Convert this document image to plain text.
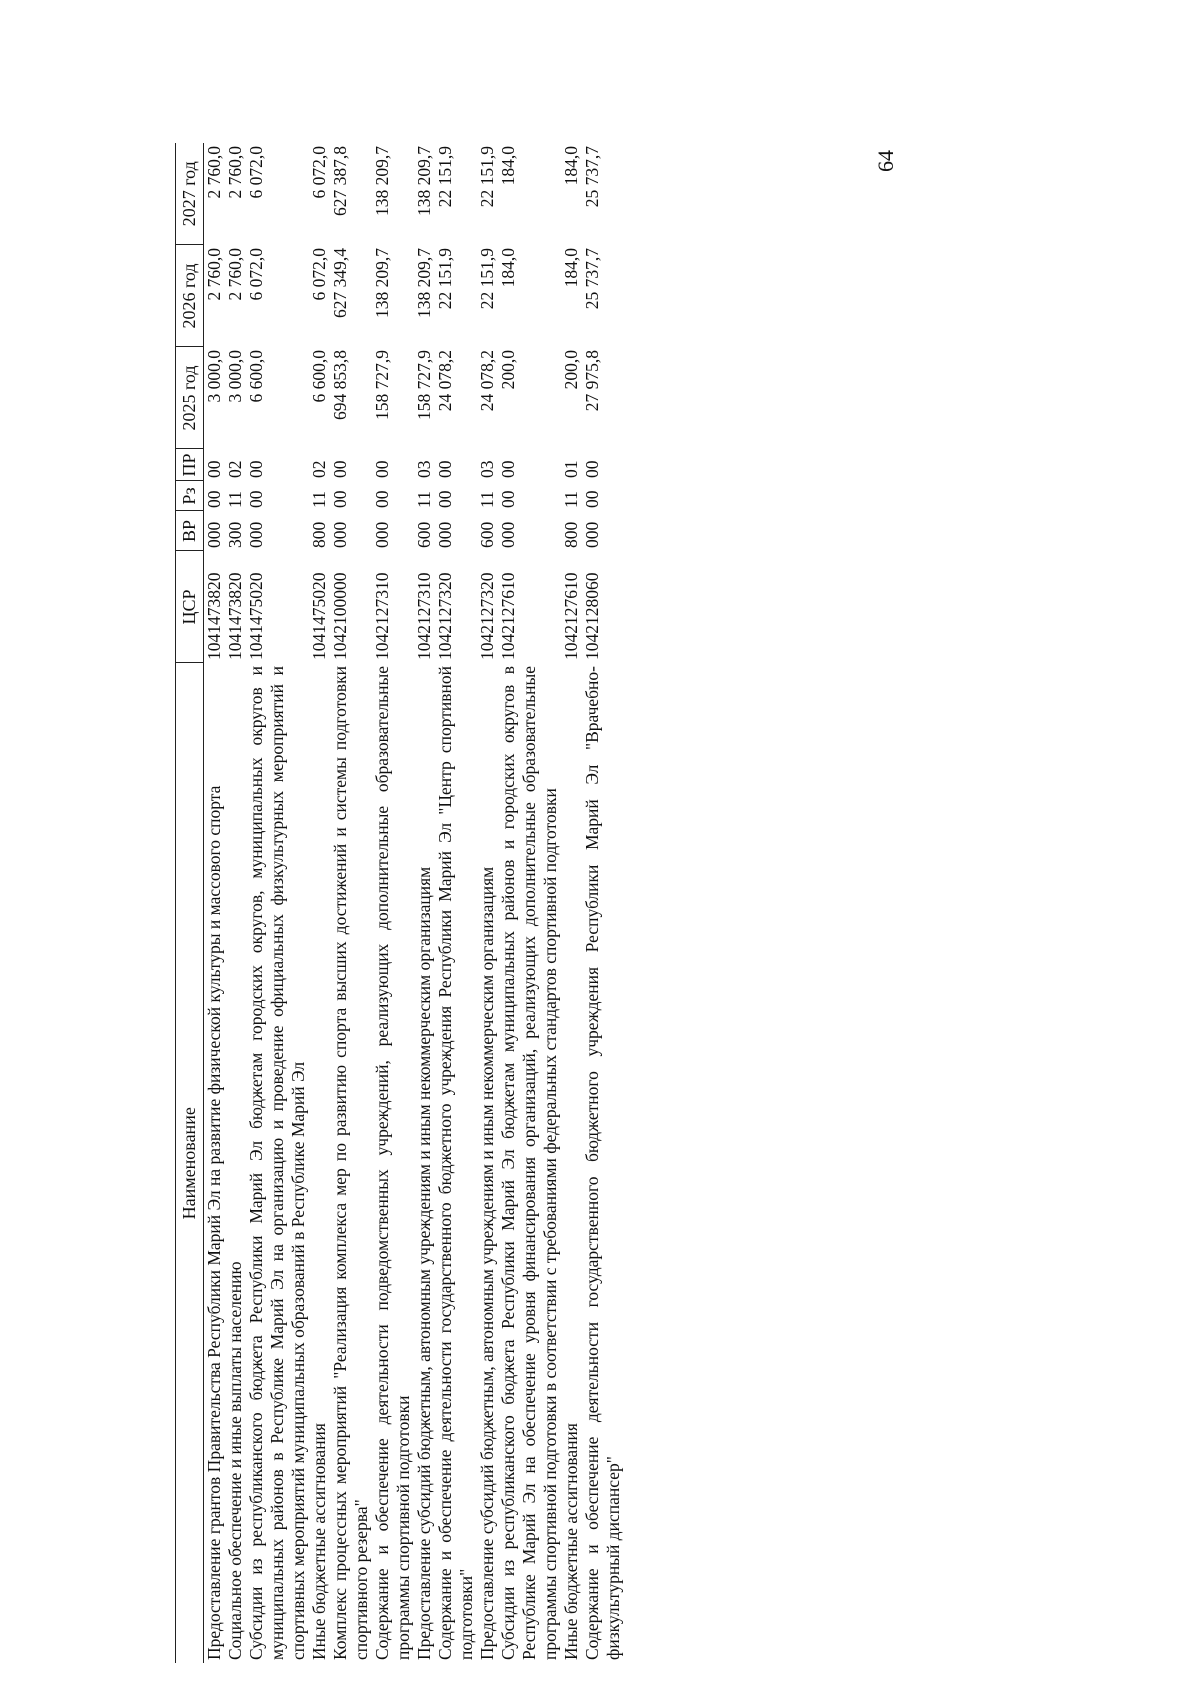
64
Наименование	ЦСР	ВР	Рз	ПР	2025 год	2026 год	2027 год
Предоставление грантов Правительства Республики Марий Эл на развитие физической культуры и массового спорта	1041473820	000	00	00	3 000,0	2 760,0	2 760,0
Социальное обеспечение и иные выплаты населению	1041473820	300	11	02	3 000,0	2 760,0	2 760,0
Субсидии из республиканского бюджета Республики Марий Эл бюджетам городских округов, муниципальных округов и муниципальных районов в Республике Марий Эл на организацию и проведение официальных физкультурных мероприятий и спортивных мероприятий муниципальных образований в Республике Марий Эл	1041475020	000	00	00	6 600,0	6 072,0	6 072,0
Иные бюджетные ассигнования	1041475020	800	11	02	6 600,0	6 072,0	6 072,0
Комплекс процессных мероприятий "Реализация комплекса мер по развитию спорта высших достижений и системы подготовки спортивного резерва"	1042100000	000	00	00	694 853,8	627 349,4	627 387,8
Содержание и обеспечение деятельности подведомственных учреждений, реализующих дополнительные образовательные программы спортивной подготовки	1042127310	000	00	00	158 727,9	138 209,7	138 209,7
Предоставление субсидий бюджетным, автономным учреждениям и иным некоммерческим организациям	1042127310	600	11	03	158 727,9	138 209,7	138 209,7
Содержание и обеспечение деятельности государственного бюджетного учреждения Республики Марий Эл "Центр спортивной подготовки"	1042127320	000	00	00	24 078,2	22 151,9	22 151,9
Предоставление субсидий бюджетным, автономным учреждениям и иным некоммерческим организациям	1042127320	600	11	03	24 078,2	22 151,9	22 151,9
Субсидии из республиканского бюджета Республики Марий Эл бюджетам муниципальных районов и городских округов в Республике Марий Эл на обеспечение уровня финансирования организаций, реализующих дополнительные образовательные программы спортивной подготовки в соответствии с требованиями федеральных стандартов спортивной подготовки	1042127610	000	00	00	200,0	184,0	184,0
Иные бюджетные ассигнования	1042127610	800	11	01	200,0	184,0	184,0
Содержание и обеспечение деятельности государственного бюджетного учреждения Республики Марий Эл "Врачебно-физкультурный диспансер"	1042128060	000	00	00	27 975,8	25 737,7	25 737,7
